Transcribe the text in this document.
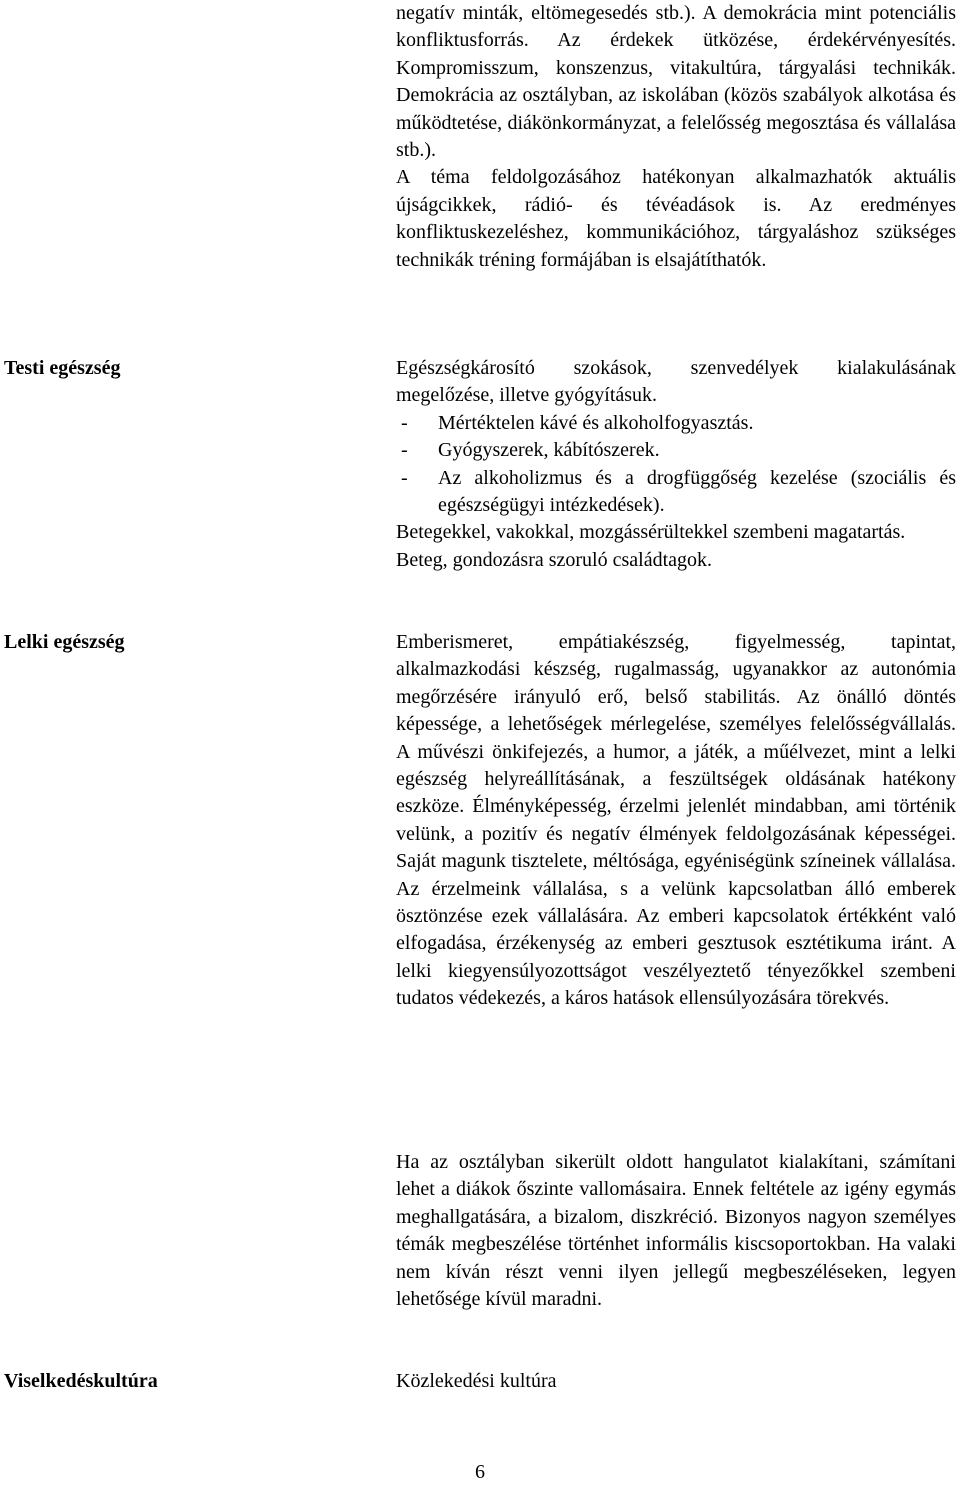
negatív minták, eltömegesedés stb.). A demokrácia mint potenciális konfliktusforrás. Az érdekek ütközése, érdekérvényesítés. Kompromisszum, konszenzus, vitakultúra, tárgyalási technikák. Demokrácia az osztályban, az iskolában (közös szabályok alkotása és működtetése, diákönkormányzat, a felelősség megosztása és vállalása stb.).

A téma feldolgozásához hatékonyan alkalmazhatók aktuális újságcikkek, rádió- és tévéadások is. Az eredményes konfliktuskezeléshez, kommunikációhoz, tárgyaláshoz szükséges technikák tréning formájában is elsajátíthatók.

Testi egészség	Egészségkárosító szokások, szenvedélyek kialakulásának megelőzése, illetve gyógyításuk.

-	Mértéktelen kávé és alkoholfogyasztás.
-	Gyógyszerek, kábítószerek.
-	Az alkoholizmus és a drogfüggőség kezelése (szociális és egészségügyi intézkedések).

Betegekkel, vakokkal, mozgássérültekkel szembeni magatartás.

Beteg, gondozásra szoruló családtagok.

Lelki egészség	Emberismeret, empátiakészség, figyelmesség, tapintat, alkalmazkodási készség, rugalmasság, ugyanakkor az autonómia megőrzésére irányuló erő, belső stabilitás. Az önálló döntés képessége, a lehetőségek mérlegelése, személyes felelősségvállalás. A művészi önkifejezés, a humor, a játék, a műélvezet, mint a lelki egészség helyreállításának, a feszültségek oldásának hatékony eszköze. Élményképesség, érzelmi jelenlét mindabban, ami történik velünk, a pozitív és negatív élmények feldolgozásának képességei. Saját magunk tisztelete, méltósága, egyéniségünk színeinek vállalása. Az érzelmeink vállalása, s a velünk kapcsolatban álló emberek ösztönzése ezek vállalására. Az emberi kapcsolatok értékként való elfogadása, érzékenység az emberi gesztusok esztétikuma iránt. A lelki kiegyensúlyozottságot veszélyeztető tényezőkkel szembeni tudatos védekezés, a káros hatások ellensúlyozására törekvés.

Ha az osztályban sikerült oldott hangulatot kialakítani, számítani lehet a diákok őszinte vallomásaira. Ennek feltétele az igény egymás meghallgatására, a bizalom, diszkréció. Bizonyos nagyon személyes témák megbeszélése történhet informális kiscsoportokban. Ha valaki nem kíván részt venni ilyen jellegű megbeszéléseken, legyen lehetősége kívül maradni.

Viselkedéskultúra	Közlekedési kultúra

6
